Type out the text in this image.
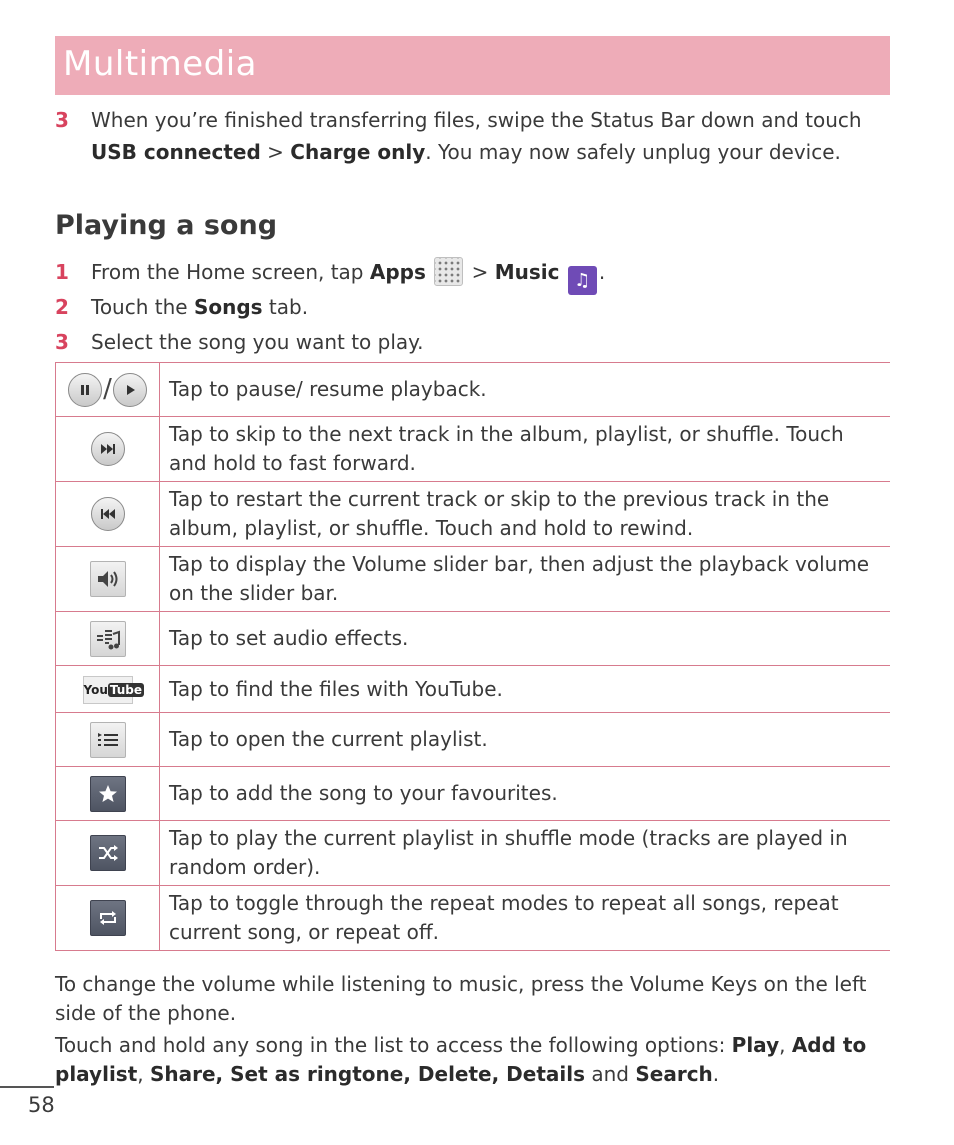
Multimedia
3 When you’re finished transferring files, swipe the Status Bar down and touch USB connected > Charge only. You may now safely unplug your device.
Playing a song
1 From the Home screen, tap Apps  > Music ♫ .
2 Touch the Songs tab.
3 Select the song you want to play.
/	Tap to pause/ resume playback.

	Tap to skip to the next track in the album, playlist, or shuffle. Touch and hold to fast forward.

	Tap to restart the current track or skip to the previous track in the album, playlist, or shuffle. Touch and hold to rewind.

	Tap to display the Volume slider bar, then adjust the playback volume on the slider bar.

	Tap to set audio effects.
You Tube	Tap to find the files with YouTube.

	Tap to open the current playlist.

	Tap to add the song to your favourites.

	Tap to play the current playlist in shuffle mode (tracks are played in random order).

	Tap to toggle through the repeat modes to repeat all songs, repeat current song, or repeat off.
To change the volume while listening to music, press the Volume Keys on the left side of the phone.
Touch and hold any song in the list to access the following options: Play, Add to playlist, Share, Set as ringtone, Delete, Details and Search.
58
